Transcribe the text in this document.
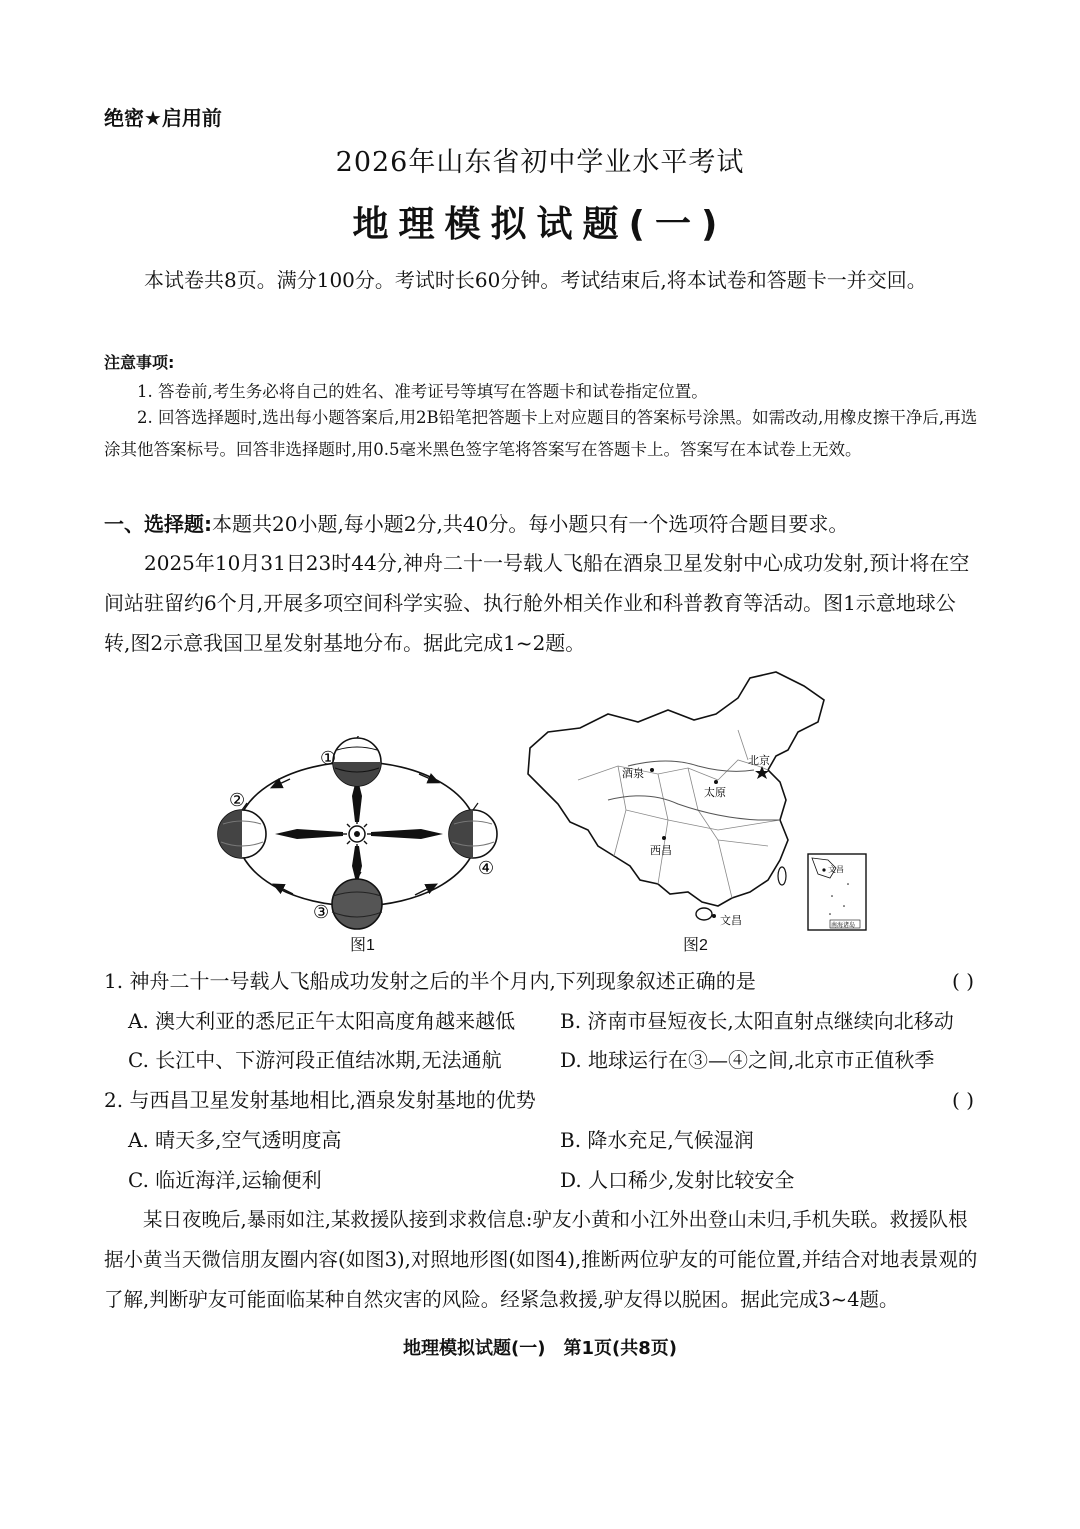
绝密★启用前
2026年山东省初中学业水平考试
地理模拟试题(一)
本试卷共8页。满分100分。考试时长60分钟。考试结束后,将本试卷和答题卡一并交回。
注意事项:
1. 答卷前,考生务必将自己的姓名、准考证号等填写在答题卡和试卷指定位置。
2. 回答选择题时,选出每小题答案后,用2B铅笔把答题卡上对应题目的答案标号涂黑。如需改动,用橡皮擦干净后,再选涂其他答案标号。回答非选择题时,用0.5毫米黑色签字笔将答案写在答题卡上。答案写在本试卷上无效。
一、选择题:本题共20小题,每小题2分,共40分。每小题只有一个选项符合题目要求。
2025年10月31日23时44分,神舟二十一号载人飞船在酒泉卫星发射中心成功发射,预计将在空间站驻留约6个月,开展多项空间科学实验、执行舱外相关作业和科普教育等活动。图1示意地球公转,图2示意我国卫星发射基地分布。据此完成1~2题。
①
②
③
④
图1
酒泉
北京
太原
西昌
文昌
文昌
南海诸岛
图2
1. 神舟二十一号载人飞船成功发射之后的半个月内,下列现象叙述正确的是	( )
A. 澳大利亚的悉尼正午太阳高度角越来越低 B. 济南市昼短夜长,太阳直射点继续向北移动
C. 长江中、下游河段正值结冰期,无法通航	D. 地球运行在③—④之间,北京市正值秋季
2. 与西昌卫星发射基地相比,酒泉发射基地的优势	( )
A. 晴天多,空气透明度高	B. 降水充足,气候湿润
C. 临近海洋,运输便利	D. 人口稀少,发射比较安全
某日夜晚后,暴雨如注,某救援队接到求救信息:驴友小黄和小江外出登山未归,手机失联。救援队根据小黄当天微信朋友圈内容(如图3),对照地形图(如图4),推断两位驴友的可能位置,并结合对地表景观的了解,判断驴友可能面临某种自然灾害的风险。经紧急救援,驴友得以脱困。据此完成3~4题。
地理模拟试题(一)　第1页(共8页)
